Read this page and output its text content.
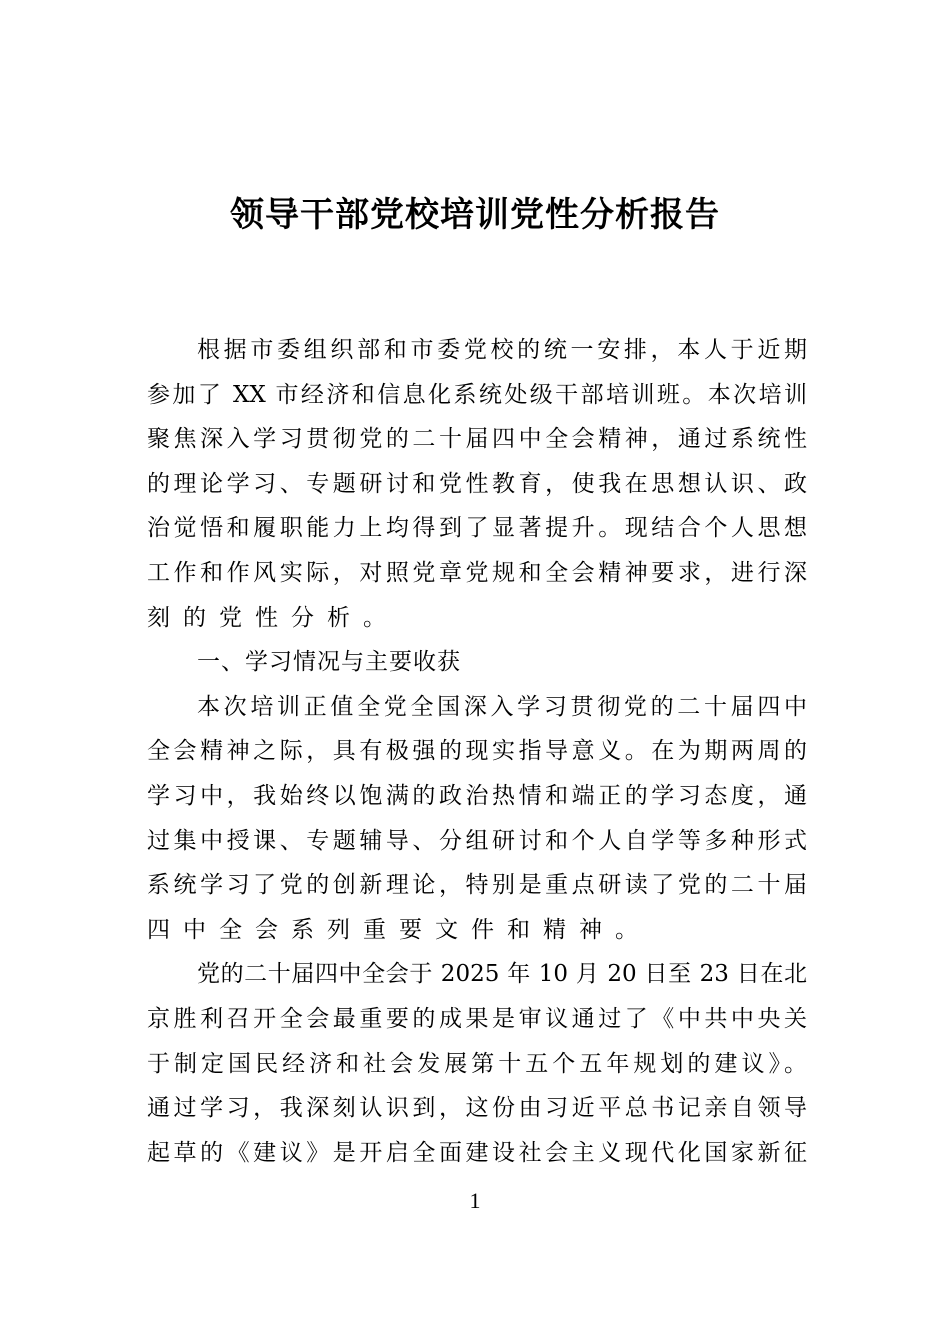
领导干部党校培训党性分析报告
根据市委组织部和市委党校的统一安排，本人于近期
参加了 XX 市经济和信息化系统处级干部培训班。本次培训
聚焦深入学习贯彻党的二十届四中全会精神，通过系统性
的理论学习、专题研讨和党性教育，使我在思想认识、政
治觉悟和履职能力上均得到了显著提升。现结合个人思想
工作和作风实际，对照党章党规和全会精神要求，进行深
刻的党性分析。
一、学习情况与主要收获
本次培训正值全党全国深入学习贯彻党的二十届四中
全会精神之际，具有极强的现实指导意义。在为期两周的
学习中，我始终以饱满的政治热情和端正的学习态度，通
过集中授课、专题辅导、分组研讨和个人自学等多种形式
系统学习了党的创新理论，特别是重点研读了党的二十届
四中全会系列重要文件和精神。
党的二十届四中全会于 2025 年 10 月 20 日至 23 日在北
京胜利召开全会最重要的成果是审议通过了《中共中央关
于制定国民经济和社会发展第十五个五年规划的建议》。
通过学习，我深刻认识到，这份由习近平总书记亲自领导
起草的《建议》是开启全面建设社会主义现代化国家新征
1
